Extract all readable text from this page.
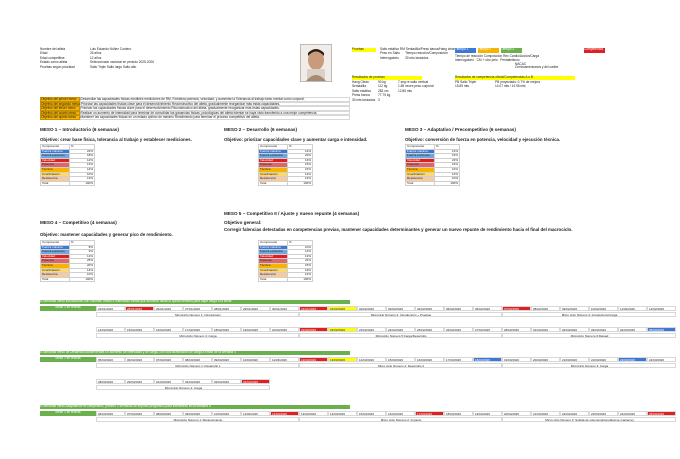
Nombre del atleta	Luis Eduardo Núñez Cordero
Edad	26 años
Edad competitiva	12 años
Estado como atleta	Seleccionado nacional en periodo 2025-2026
Pruebas según prioridad	Salto Triple Salto largo Salto alto
Pruebas	Salto estático RM Sentadilla/Press banca/Hang clean
Peso en Salto	Tiempo reacción/Composición
Interrogatorio	30 mts lanzados
Tiempo 1	Tiempo 2	Tiempo 3	Competencia
Tiempo de reacción Composición Rec Cardio/Acción/Carga
Interrogatorio   CM + otro pelo   Pentatletismo
NACAC
Centroamericanos y del caribe
Resultados de pruebas
Hang Clean	90 kg	7 seg re salto vertical
Sentadilla	112 kg	1.85 veces peso corporal
Salto estático	283 cm	12.86 mts
Press banca	77.75 kg
30 mts lanzados 3
Resultados de competencia oficial/Competencias A o B
PB Salto Triple	PB proyectado: 0.7% de mejora
15.85 mts	14.07 mts / 14.96 mts
Objetivo del primer meso	Desarrollar las capacidades físicas medibles mediciones de RM, Fortaleza potencia, velocidad, y aumentar la Tolerancia al trabajo tanto mental como corporal.
Objetivo del segundo meso Priorizar las capacidades físicas clave para el desenvolvimiento Reconstructivo del atleta, gradualmente reorganizar más estas capacidades.
Objetivo del tercer meso	Priorizar las capacidades físicas clave para el desenvolvimiento Reconstructivo del atleta, gradualmente reorganizar más estas capacidades.
Objetivo del cuarto meso	Realizar un aumento de intensidad para terminar de consolidar las ganancias físicas, psicológicas del atleta intentar se haya visto transferido a una mejor competencia.
Objetivo del quinto meso	Mantener las capacidades físicas en un estado óptimo de máximo Rendimiento para terminar el proceso competitivo del atleta.
MESO 1 – Introductorio (6 semanas)
Objetivo: crear base física, tolerancia al trabajo y establecer mediciones.
Componente	%
Fuerza máxima	22%
Fuerza explosiva	18%
Velocidad	12%
Potencia	13%
Técnica	12%
Coordinación	10%
Resistencia	13%
Total	100%
MESO 2 – Desarrollo (6 semanas)
Objetivo: priorizar capacidades clave y aumentar carga e intensidad.
Componente	%
Fuerza máxima	12%
Fuerza explosiva	20%
Velocidad	13%
Potencia	15%
Técnica	15%
Coordinación	12%
Resistencia	13%
Total	100%
MESO 3 – Adaptativo / Precompetitivo (6 semanas)
Objetivo: conversión de fuerza en potencia, velocidad y ejecución técnica.
Componente	%
Fuerza máxima	14%
Fuerza explosiva	16%
Velocidad	22%
Potencia	16%
Técnica	10%
Coordinación	12%
Resistencia	10%
Total	100%
MESO 4 – Competitivo (4 semanas)
Objetivo: mantener capacidades y generar pico de rendimiento.
Componente	%
Fuerza máxima	8%
Fuerza explosiva	9%
Velocidad	14%
Potencia	25%
Técnica	20%
Coordinación	14%
Resistencia	10%
Total	100%
Componente	%
Fuerza máxima	10%
Fuerza explosiva	12%
Velocidad	13%
Potencia	22%
Técnica	15%
Coordinación	16%
Resistencia	12%
Total	100%
MESO 5 – Competitivo II / Ajuste y nuevo repunte (4 semanas)
Objetivo general:
Corregir falencias detectadas en competencias previas, mantener capacidades determinantes y generar un nuevo repunte de rendimiento hacia el final del macrociclo.
6 Semanas meso introductorio con volumen medio e intensidad media que aumente hasta la quinta semana para bajar carga a la sexta
Meso 1 en fechas	24/01/2026	25/01/2026	26/01/2026	27/01/2026	28/01/2026	29/01/2026	30/01/2026	31/01/2026	01/02/2026	02/02/2026	03/02/2026	04/02/2026	05/02/2026	06/02/2026	07/02/2026	08/02/2026	09/02/2026	10/02/2026	11/02/2026	12/02/2026
Microciclo Número 1: Introductorio	Microciclo Número 2: Introductorio + Pruebas	Micro ciclo Número 3: Introductorio/Carga
14/02/2026	15/02/2026	16/02/2026	17/02/2026	18/02/2026	19/02/2026	20/02/2026	21/02/2026	22/02/2026	23/02/2026	24/02/2026	25/02/2026	26/02/2026	27/02/2026	28/02/2026	01/03/2026	02/03/2026	03/03/2026	04/03/2026	05/03/2026
Microciclo Número 4: Carga	Microciclo Número 5:Carga/Desarrollo	Microciclo Número 6:Deload
6 Semanas meso de Desarrollo donde tendrá un aumento de intensidad y de carga, con una disminución de carga a mitad de la semana 4
Meso 1 en fechas	05/03/2026	06/03/2026	07/03/2026	08/03/2026	09/03/2026	10/03/2026	11/03/2026	12/03/2026	13/03/2026	14/03/2026	15/03/2026	16/03/2026	17/03/2026	18/03/2026	19/03/2026	20/03/2026	21/03/2026	22/03/2026	23/03/2026	24/03/2026
Microciclo Número 1: Desarrollo 1	Micro ciclo Número 2: Desarrollo 2	Microciclo Número 3: Carga
28/03/2026	29/03/2026	01/04/2026	02/04/2026	03/04/2026	04/04/2026
Microciclo Número 4: Carga
6 Semanas meso Adaptativo/Pre competitivo, primero 2 semanas de impulso progresivo para intensificar en la semana 5
Meso 1 en fechas	06/04/2026	07/04/2026	08/04/2026	09/04/2026	10/04/2026	11/04/2026	12/04/2026	13/04/2026	14/04/2026	15/04/2026	16/04/2026	17/04/2026	18/04/2026	19/04/2026	20/04/2026	21/04/2026	22/04/2026	23/04/2026	24/04/2026	25/04/2026
Microciclo Número 1: Mantenimiento	Micro ciclo Número 2: Impacto	Micro ciclo Número 3: Subida de volumen(intensidad se mantiene)
